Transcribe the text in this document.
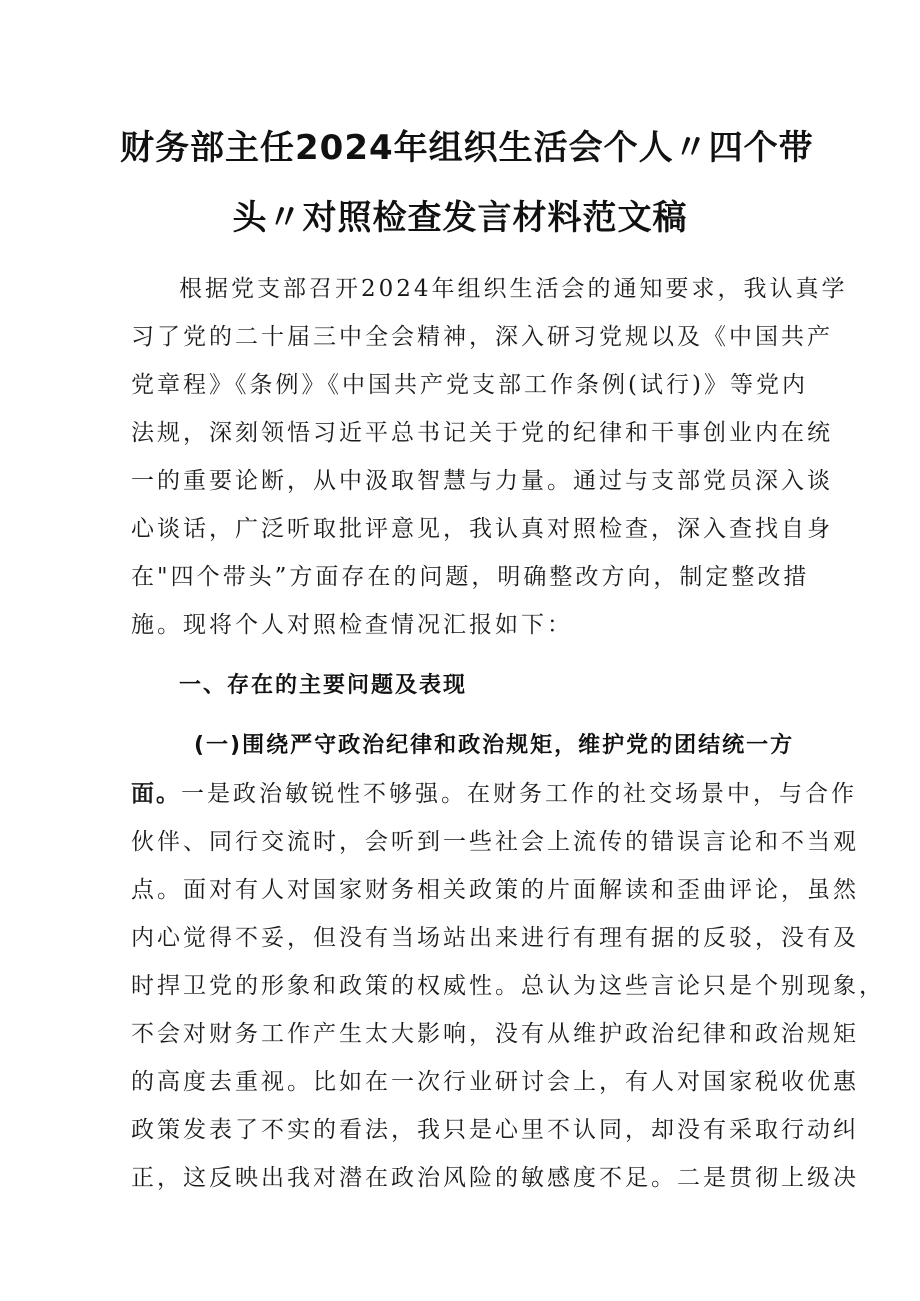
财务部主任2024年组织生活会个人〃四个带
头〃对照检查发言材料范文稿
根据党支部召开2024年组织生活会的通知要求，我认真学
习了党的二十届三中全会精神，深入研习党规以及《中国共产
党章程》《条例》《中国共产党支部工作条例(试行)》等党内
法规，深刻领悟习近平总书记关于党的纪律和干事创业内在统
一的重要论断，从中汲取智慧与力量。通过与支部党员深入谈
心谈话，广泛听取批评意见，我认真对照检查，深入查找自身
在"四个带头”方面存在的问题，明确整改方向，制定整改措
施。现将个人对照检查情况汇报如下：
一、存在的主要问题及表现
(一)围绕严守政治纪律和政治规矩，维护党的团结统一方
面。一是政治敏锐性不够强。在财务工作的社交场景中，与合作
伙伴、同行交流时，会听到一些社会上流传的错误言论和不当观
点。面对有人对国家财务相关政策的片面解读和歪曲评论，虽然
内心觉得不妥，但没有当场站出来进行有理有据的反驳，没有及
时捍卫党的形象和政策的权威性。总认为这些言论只是个别现象，
不会对财务工作产生太大影响，没有从维护政治纪律和政治规矩
的高度去重视。比如在一次行业研讨会上，有人对国家税收优惠
政策发表了不实的看法，我只是心里不认同，却没有采取行动纠
正，这反映出我对潜在政治风险的敏感度不足。二是贯彻上级决
